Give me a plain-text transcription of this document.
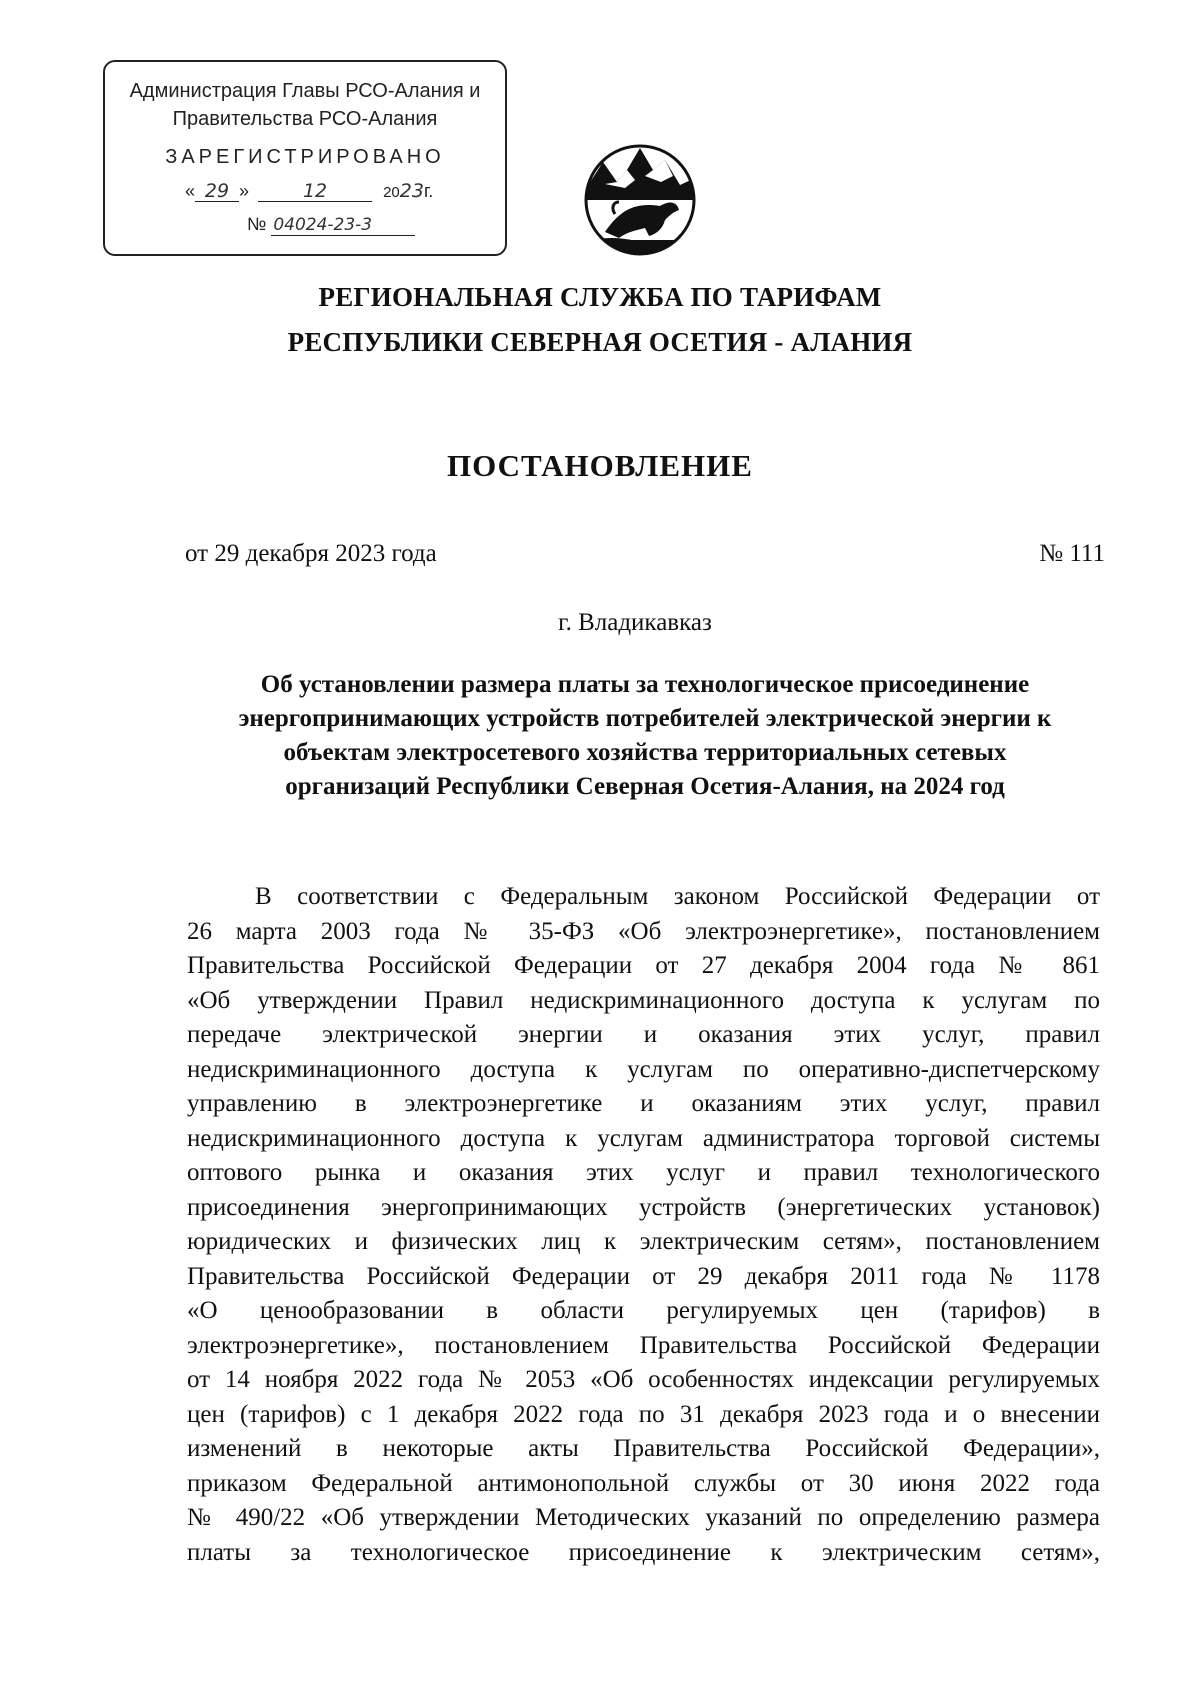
Администрация Главы РСО-Алания и
Правительства РСО-Алания
ЗАРЕГИСТРИРОВАНО
« 29 »	12	2023г.
№ 04024-23-3
РЕГИОНАЛЬНАЯ СЛУЖБА ПО ТАРИФАМ
РЕСПУБЛИКИ СЕВЕРНАЯ ОСЕТИЯ - АЛАНИЯ
ПОСТАНОВЛЕНИЕ
от 29 декабря 2023 года	№ 111
г. Владикавказ
Об установлении размера платы за технологическое присоединение
энергопринимающих устройств потребителей электрической энергии к
объектам электросетевого хозяйства территориальных сетевых
организаций Республики Северная Осетия-Алания, на 2024 год
В соответствии с Федеральным законом Российской Федерации от
26 марта 2003 года № 35-ФЗ «Об электроэнергетике», постановлением
Правительства Российской Федерации от 27 декабря 2004 года № 861
«Об утверждении Правил недискриминационного доступа к услугам по
передаче электрической энергии и оказания этих услуг, правил
недискриминационного доступа к услугам по оперативно-диспетчерскому
управлению в электроэнергетике и оказаниям этих услуг, правил
недискриминационного доступа к услугам администратора торговой системы
оптового рынка и оказания этих услуг и правил технологического
присоединения энергопринимающих устройств (энергетических установок)
юридических и физических лиц к электрическим сетям», постановлением
Правительства Российской Федерации от 29 декабря 2011 года № 1178
«О ценообразовании в области регулируемых цен (тарифов) в
электроэнергетике», постановлением Правительства Российской Федерации
от 14 ноября 2022 года № 2053 «Об особенностях индексации регулируемых
цен (тарифов) с 1 декабря 2022 года по 31 декабря 2023 года и о внесении
изменений в некоторые акты Правительства Российской Федерации»,
приказом Федеральной антимонопольной службы от 30 июня 2022 года
№ 490/22 «Об утверждении Методических указаний по определению размера
платы за технологическое присоединение к электрическим сетям»,
